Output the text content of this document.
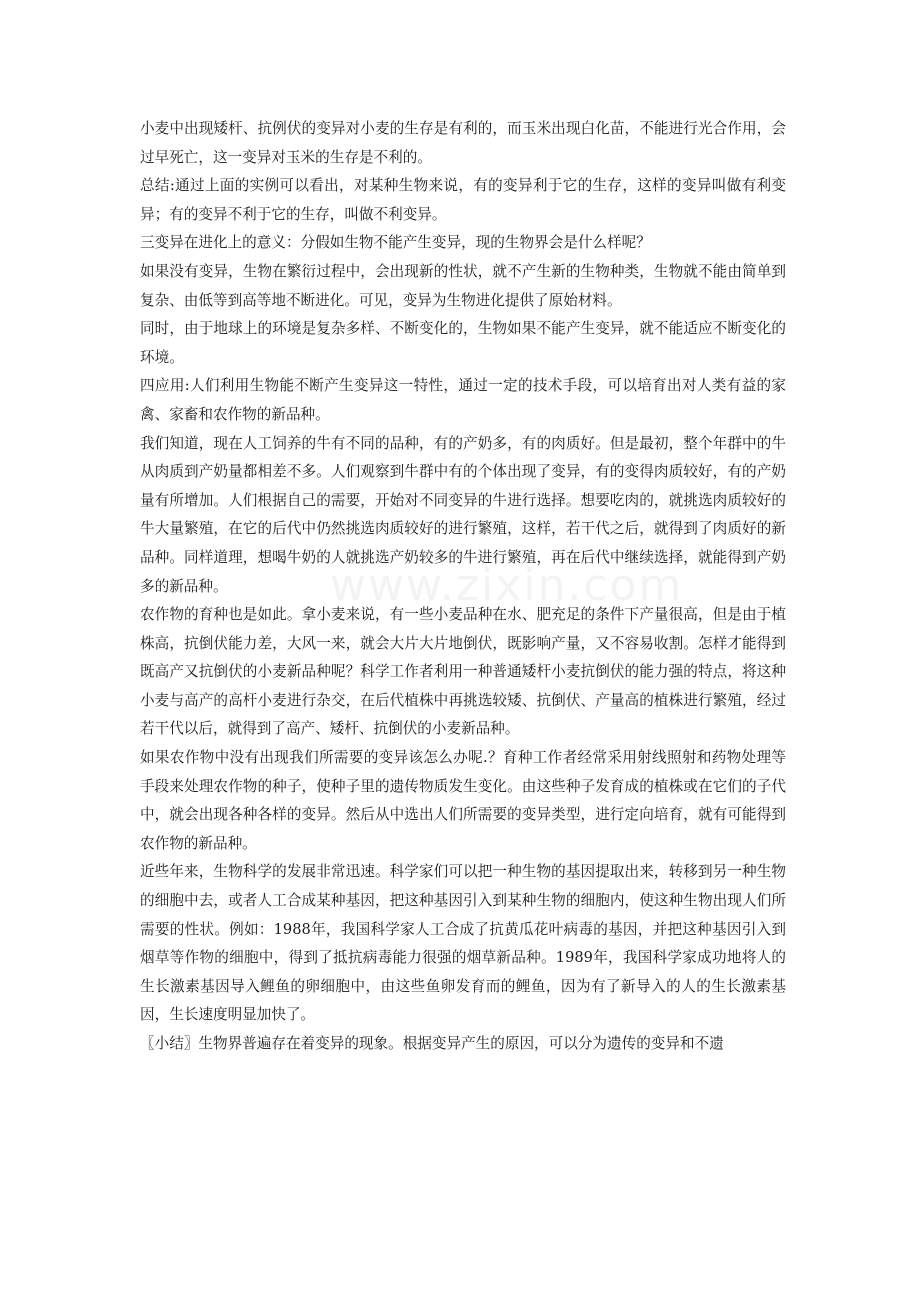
小麦中出现矮杆、抗例伏的变异对小麦的生存是有利的，而玉米出现白化苗，不能进行光合作用，会过早死亡，这一变异对玉米的生存是不利的。

总结:通过上面的实例可以看出，对某种生物来说，有的变异利于它的生存，这样的变异叫做有利变异；有的变异不利于它的生存，叫做不利变异。

三变异在进化上的意义：分假如生物不能产生变异，现的生物界会是什么样呢？

如果没有变异，生物在繁衍过程中，会出现新的性状，就不产生新的生物种类，生物就不能由简单到复杂、由低等到高等地不断进化。可见，变异为生物进化提供了原始材料。

同时，由于地球上的环境是复杂多样、不断变化的，生物如果不能产生变异，就不能适应不断变化的环境。

四应用:人们利用生物能不断产生变异这一特性，通过一定的技术手段，可以培育出对人类有益的家禽、家畜和农作物的新品种。

我们知道，现在人工饲养的牛有不同的品种，有的产奶多，有的肉质好。但是最初，整个年群中的牛从肉质到产奶量都相差不多。人们观察到牛群中有的个体出现了变异，有的变得肉质较好，有的产奶量有所增加。人们根据自己的需要，开始对不同变异的牛进行选择。想要吃肉的，就挑选肉质较好的牛大量繁殖，在它的后代中仍然挑选肉质较好的进行繁殖，这样，若干代之后，就得到了肉质好的新品种。同样道理，想喝牛奶的人就挑选产奶较多的牛进行繁殖，再在后代中继续选择，就能得到产奶多的新品种。

农作物的育种也是如此。拿小麦来说，有一些小麦品种在水、肥充足的条件下产量很高，但是由于植株高，抗倒伏能力差，大风一来，就会大片大片地倒伏，既影响产量，又不容易收割。怎样才能得到既高产又抗倒伏的小麦新品种呢？科学工作者利用一种普通矮杆小麦抗倒伏的能力强的特点，将这种小麦与高产的高杆小麦进行杂交，在后代植株中再挑选较矮、抗倒伏、产量高的植株进行繁殖，经过若干代以后，就得到了高产、矮杆、抗倒伏的小麦新品种。

如果农作物中没有出现我们所需要的变异该怎么办呢.？育种工作者经常采用射线照射和药物处理等手段来处理农作物的种子，使种子里的遗传物质发生变化。由这些种子发育成的植株或在它们的子代中，就会出现各种各样的变异。然后从中选出人们所需要的变异类型，进行定向培育，就有可能得到农作物的新品种。

近些年来，生物科学的发展非常迅速。科学家们可以把一种生物的基因提取出来，转移到另一种生物的细胞中去，或者人工合成某种基因，把这种基因引入到某种生物的细胞内，使这种生物出现人们所需要的性状。例如：1988年，我国科学家人工合成了抗黄瓜花叶病毒的基因，并把这种基因引入到烟草等作物的细胞中，得到了抵抗病毒能力很强的烟草新品种。1989年，我国科学家成功地将人的生长激素基因导入鲤鱼的卵细胞中，由这些鱼卵发育而的鲤鱼，因为有了新导入的人的生长激素基因，生长速度明显加快了。

〖小结〗生物界普遍存在着变异的现象。根据变异产生的原因，可以分为遗传的变异和不遗

www.zixin.com
